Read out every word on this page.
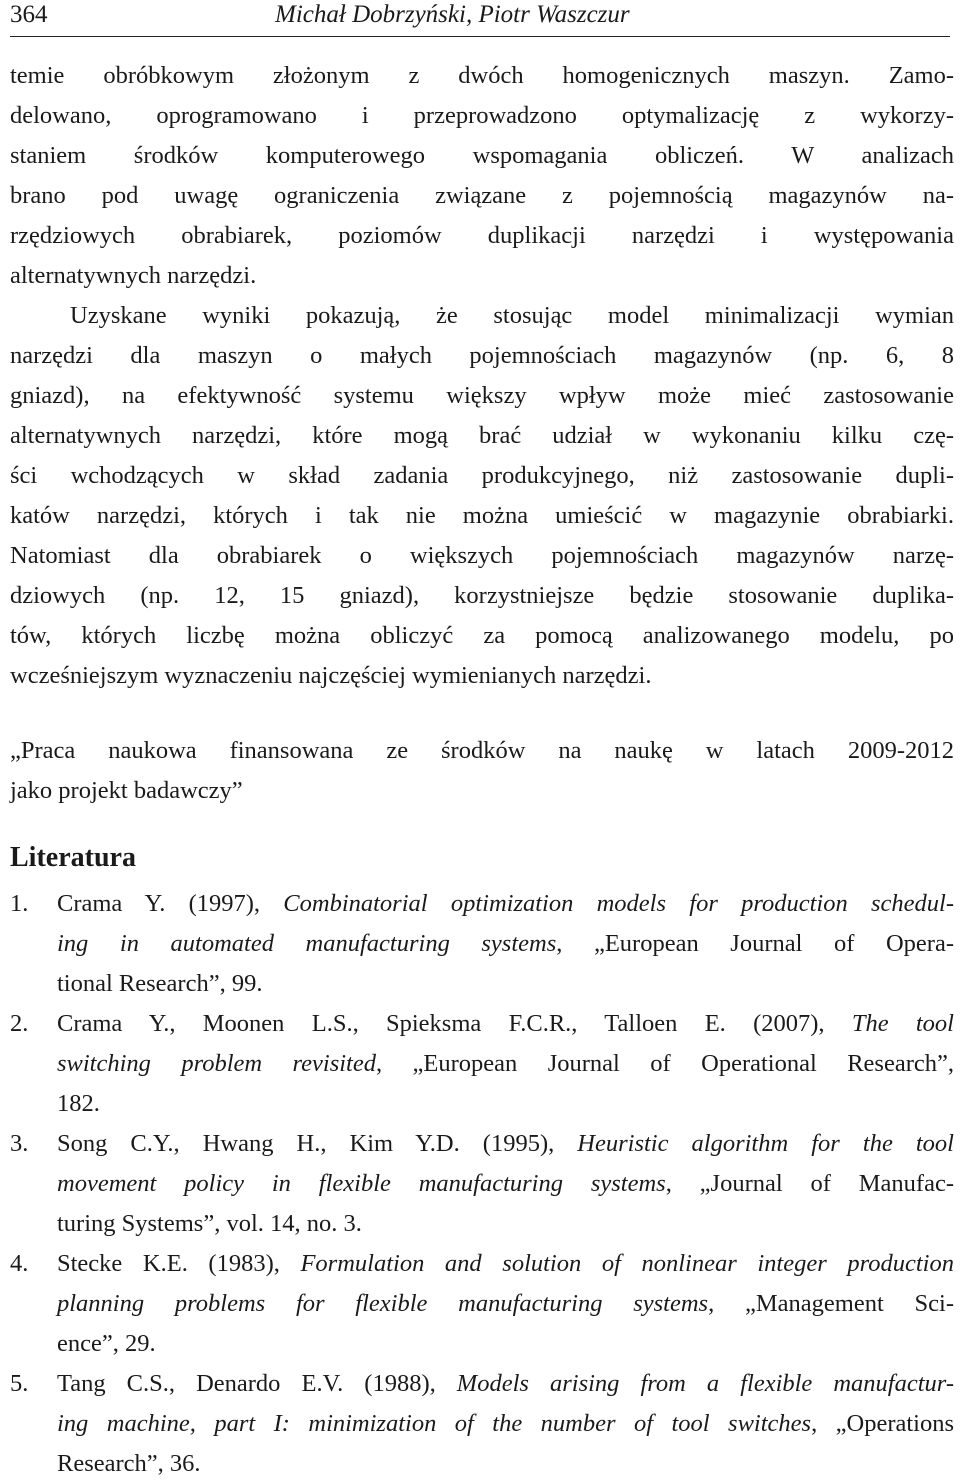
364	Michał Dobrzyński, Piotr Waszczur
temie obróbkowym złożonym z dwóch homogenicznych maszyn. Zamo-
delowano, oprogramowano i przeprowadzono optymalizację z wykorzy-
staniem środków komputerowego wspomagania obliczeń. W analizach
brano pod uwagę ograniczenia związane z pojemnością magazynów na-
rzędziowych obrabiarek, poziomów duplikacji narzędzi i występowania
alternatywnych narzędzi.
Uzyskane wyniki pokazują, że stosując model minimalizacji wymian
narzędzi dla maszyn o małych pojemnościach magazynów (np. 6, 8
gniazd), na efektywność systemu większy wpływ może mieć zastosowanie
alternatywnych narzędzi, które mogą brać udział w wykonaniu kilku czę-
ści wchodzących w skład zadania produkcyjnego, niż zastosowanie dupli-
katów narzędzi, których i tak nie można umieścić w magazynie obrabiarki.
Natomiast dla obrabiarek o większych pojemnościach magazynów narzę-
dziowych (np. 12, 15 gniazd), korzystniejsze będzie stosowanie duplika-
tów, których liczbę można obliczyć za pomocą analizowanego modelu, po
wcześniejszym wyznaczeniu najczęściej wymienianych narzędzi.
„Praca naukowa finansowana ze środków na naukę w latach 2009-2012
jako projekt badawczy”
Literatura
1. Crama Y. (1997), Combinatorial optimization models for production schedul-
ing in automated manufacturing systems, „European Journal of Opera-
tional Research”, 99.
2. Crama Y., Moonen L.S., Spieksma F.C.R., Talloen E. (2007), The tool
switching problem revisited, „European Journal of Operational Research”,
182.
3. Song C.Y., Hwang H., Kim Y.D. (1995), Heuristic algorithm for the tool
movement policy in flexible manufacturing systems, „Journal of Manufac-
turing Systems”, vol. 14, no. 3.
4. Stecke K.E. (1983), Formulation and solution of nonlinear integer production
planning problems for flexible manufacturing systems, „Management Sci-
ence”, 29.
5. Tang C.S., Denardo E.V. (1988), Models arising from a flexible manufactur-
ing machine, part I: minimization of the number of tool switches, „Operations
Research”, 36.
